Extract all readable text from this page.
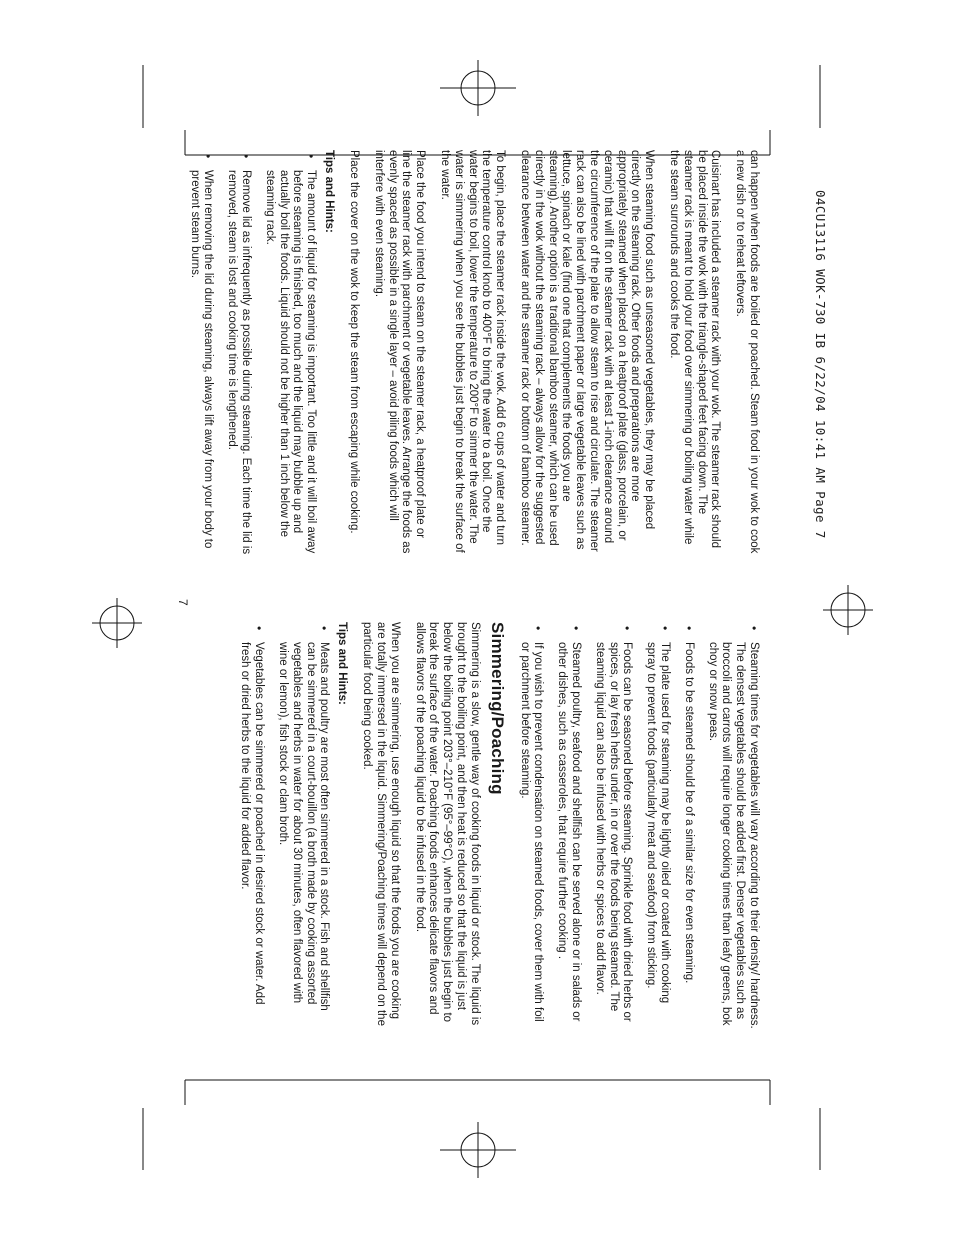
04CU13116 WOK-730 IB 6/22/04 10:41 AM Page 7

can happen when foods are boiled or poached. Steam food in your wok to cook a new dish or to reheat leftovers.

Cuisinart has included a steamer rack with your wok. The steamer rack should be placed inside the wok with the triangle-shaped feet facing down. The steamer rack is meant to hold your food over simmering or boiling water while the steam surrounds and cooks the food.

When steaming food such as unseasoned vegetables, they may be placed directly on the steaming rack. Other foods and preparations are more appropriately steamed when placed on a heatproof plate (glass, porcelain, or ceramic) that will fit on the steamer rack with at least 1-inch clearance around the circumference of the plate to allow steam to rise and circulate. The steamer rack can also be lined with parchment paper or large vegetable leaves such as lettuce, spinach or kale (find one that complements the foods you are steaming). Another option is a traditional bamboo steamer, which can be used directly in the wok without the steaming rack – always allow for the suggested clearance between water and the steamer rack or bottom of bamboo steamer.

To begin, place the steamer rack inside the wok. Add 6 cups of water and turn the temperature control knob to 400°F to bring the water to a boil. Once the water begins to boil, lower the temperature to 200°F to simmer the water. The water is simmering when you see the bubbles just begin to break the surface of the water.

Place the food you intend to steam on the steamer rack, a heatproof plate or line the steamer rack with parchment or vegetable leaves. Arrange the foods as evenly spaced as possible in a single layer – avoid piling foods which will interfere with even steaming.

Place the cover on the wok to keep the steam from escaping while cooking.

Tips and Hints:
•
The amount of liquid for steaming is important. Too little and it will boil away before steaming is finished, too much and the liquid may bubble up and actually boil the foods. Liquid should not be higher than 1 inch below the steaming rack.
•
Remove lid as infrequently as possible during steaming. Each time the lid is removed, steam is lost and cooking time is lengthened.
•
When removing the lid during steaming, always lift away from your body to prevent steam burns.
•
Steaming times for vegetables will vary according to their density/ hardness. The densest vegetables should be added first. Denser vegetables such as broccoli and carrots will require longer cooking times than leafy greens, bok choy or snow peas.
•
Foods to be steamed should be of a similar size for even steaming.
•
The plate used for steaming may be lightly oiled or coated with cooking spray to prevent foods (particularly meat and seafood) from sticking.
•
Foods can be seasoned before steaming. Sprinkle food with dried herbs or spices, or lay fresh herbs under, in or over the foods being steamed. The steaming liquid can also be infused with herbs or spices to add flavor.
•
Steamed poultry, seafood and shellfish can be served alone or in salads or other dishes, such as casseroles, that require further cooking .
•
If you wish to prevent condensation on steamed foods, cover them with foil or parchment before steaming.
Simmering/Poaching

Simmering is a slow, gentle way of cooking foods in liquid or stock. The liquid is brought to the boiling point, and then heat is reduced so that the liquid is just below the boiling point 203°–210°F (95°–99°C), when the bubbles just begin to break the surface of the water. Poaching foods enhances delicate flavors and allows flavors of the poaching liquid to be infused in the food.

When you are simmering, use enough liquid so that the foods you are cooking are totally immersed in the liquid. Simmering/Poaching times will depend on the particular food being cooked.

Tips and Hints:
•
Meats and poultry are most often simmered in a stock. Fish and shellfish can be simmered in a court-bouillon (a broth made by cooking assorted vegetables and herbs in water for about 30 minutes, often flavored with wine or lemon), fish stock or clam broth.
•
Vegetables can be simmered or poached in desired stock or water. Add fresh or dried herbs to the liquid for added flavor.
7
